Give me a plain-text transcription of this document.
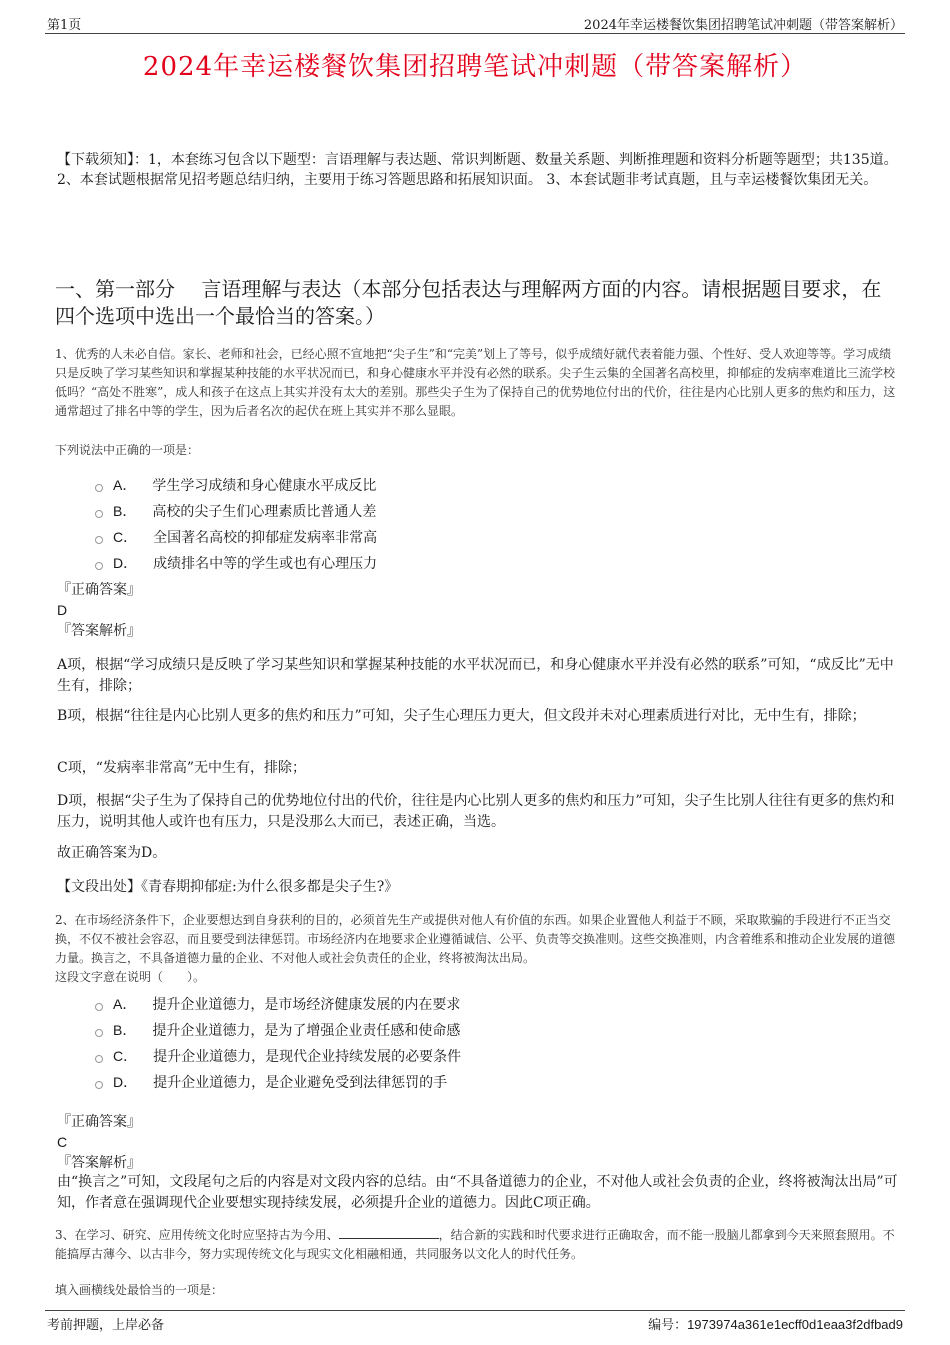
第1页	2024年幸运楼餐饮集团招聘笔试冲刺题（带答案解析）
2024年幸运楼餐饮集团招聘笔试冲刺题（带答案解析）
【下载须知】：1，本套练习包含以下题型：言语理解与表达题、常识判断题、数量关系题、判断推理题和资料分析题等题型；共135道。 2、本套试题根据常见招考题总结归纳，主要用于练习答题思路和拓展知识面。 3、本套试题非考试真题，且与幸运楼餐饮集团无关。
一、第一部分　 言语理解与表达（本部分包括表达与理解两方面的内容。请根据题目要求，在四个选项中选出一个最恰当的答案。）
1、优秀的人未必自信。家长、老师和社会，已经心照不宣地把“尖子生”和“完美”划上了等号，似乎成绩好就代表着能力强、个性好、受人欢迎等等。学习成绩只是反映了学习某些知识和掌握某种技能的水平状况而已，和身心健康水平并没有必然的联系。尖子生云集的全国著名高校里，抑郁症的发病率难道比三流学校低吗？“高处不胜寒”，成人和孩子在这点上其实并没有太大的差别。那些尖子生为了保持自己的优势地位付出的代价，往往是内心比别人更多的焦灼和压力，这通常超过了排名中等的学生，因为后者名次的起伏在班上其实并不那么显眼。
下列说法中正确的一项是：
A． 学生学习成绩和身心健康水平成反比
B． 高校的尖子生们心理素质比普通人差
C． 全国著名高校的抑郁症发病率非常高
D． 成绩排名中等的学生或也有心理压力
『正确答案』
D
『答案解析』
A项，根据“学习成绩只是反映了学习某些知识和掌握某种技能的水平状况而已，和身心健康水平并没有必然的联系”可知，“成反比”无中生有，排除；
B项，根据“往往是内心比别人更多的焦灼和压力”可知，尖子生心理压力更大，但文段并未对心理素质进行对比，无中生有，排除；
C项，“发病率非常高”无中生有，排除；
D项，根据“尖子生为了保持自己的优势地位付出的代价，往往是内心比别人更多的焦灼和压力”可知，尖子生比别人往往有更多的焦灼和压力，说明其他人或许也有压力，只是没那么大而已，表述正确，当选。
故正确答案为D。
【文段出处】《青春期抑郁症:为什么很多都是尖子生?》
2、在市场经济条件下，企业要想达到自身获利的目的，必须首先生产或提供对他人有价值的东西。如果企业置他人利益于不顾，采取欺骗的手段进行不正当交换，不仅不被社会容忍，而且要受到法律惩罚。市场经济内在地要求企业遵循诚信、公平、负责等交换准则。这些交换准则，内含着维系和推动企业发展的道德力量。换言之，不具备道德力量的企业、不对他人或社会负责任的企业，终将被淘汰出局。
这段文字意在说明（　　）。
A． 提升企业道德力，是市场经济健康发展的内在要求
B． 提升企业道德力，是为了增强企业责任感和使命感
C． 提升企业道德力，是现代企业持续发展的必要条件
D． 提升企业道德力，是企业避免受到法律惩罚的手
『正确答案』
C
『答案解析』
由“换言之”可知，文段尾句之后的内容是对文段内容的总结。由“不具备道德力的企业，不对他人或社会负责的企业，终将被淘汰出局”可知，作者意在强调现代企业要想实现持续发展，必须提升企业的道德力。因此C项正确。
3、在学习、研究、应用传统文化时应坚持古为今用、	，结合新的实践和时代要求进行正确取舍，而不能一股脑儿都拿到今天来照套照用。不能搞厚古薄今、以古非今，努力实现传统文化与现实文化相融相通，共同服务以文化人的时代任务。
填入画横线处最恰当的一项是：
考前押题，上岸必备	编号：1973974a361e1ecff0d1eaa3f2dfbad9
